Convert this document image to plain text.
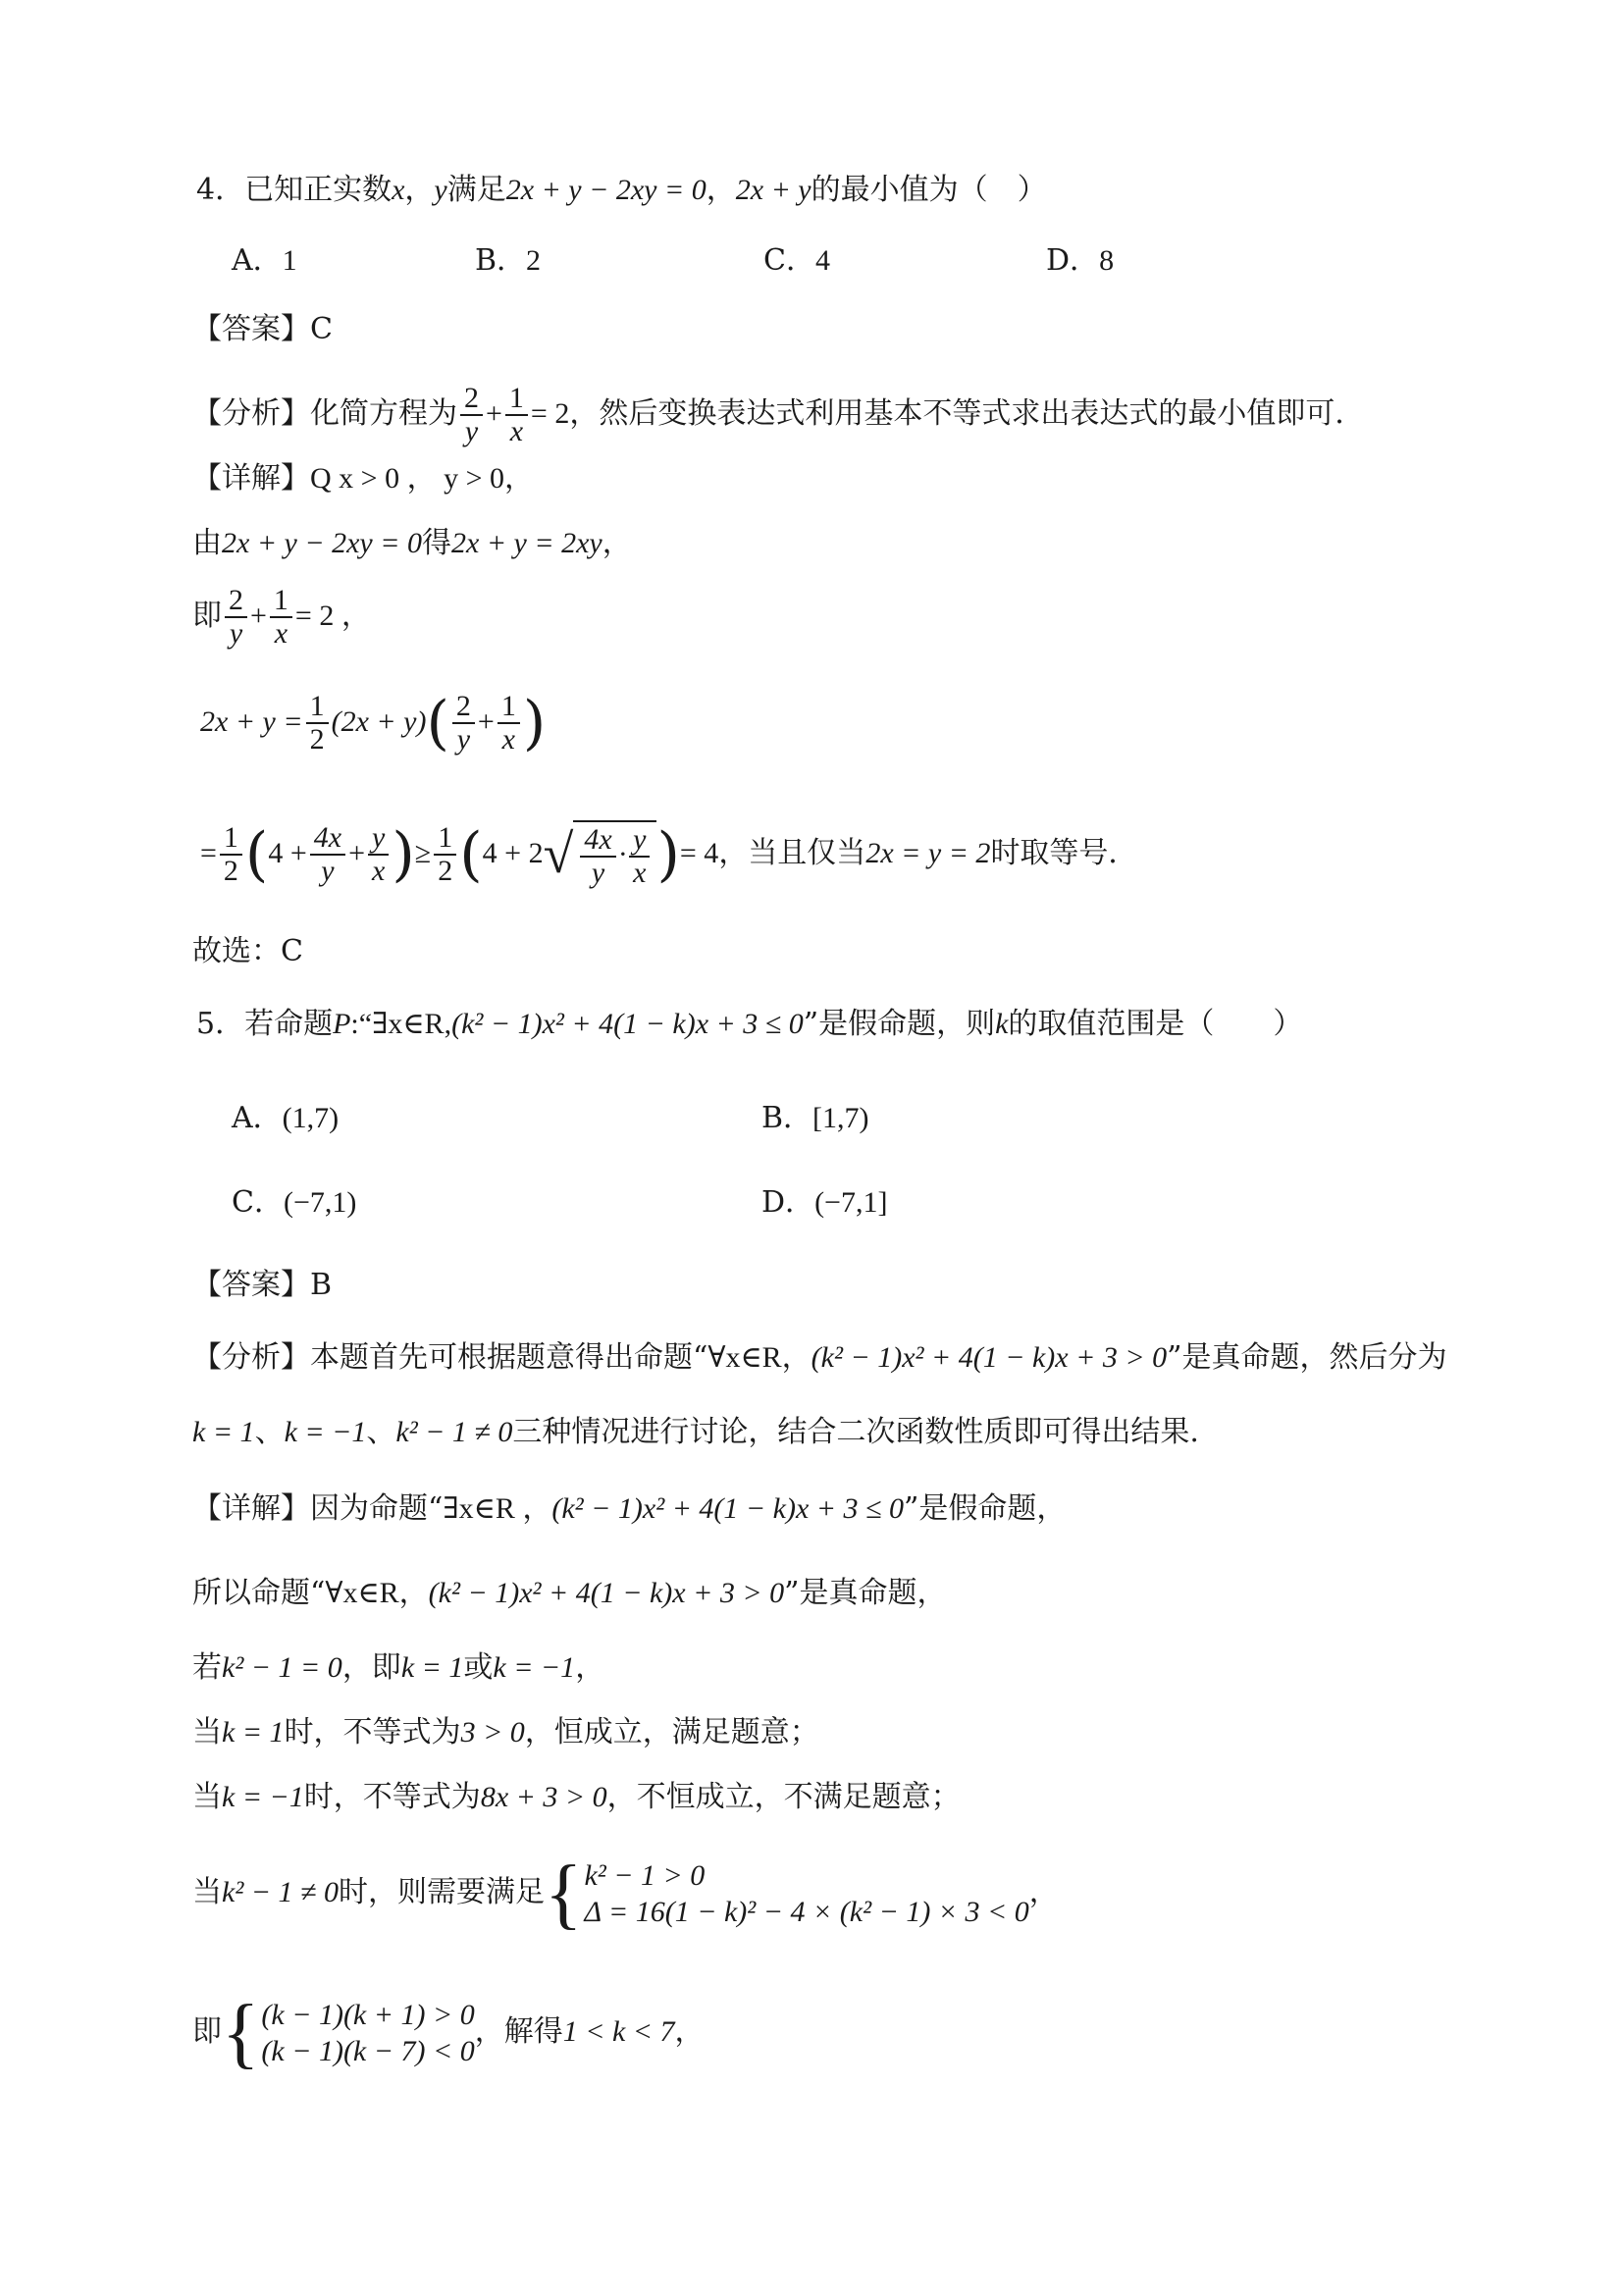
4．已知正实数x，y满足2x + y − 2xy = 0，2x + y的最小值为（　）
A．1	B．2	C．4	D．8
【答案】C
【分析】化简方程为 $\frac{2}{y} + \frac{1}{x} = 2$，然后变换表达式利用基本不等式求出表达式的最小值即可．
【详解】Q x > 0 ， y > 0，
由2x + y − 2xy = 0得2x + y = 2xy，
即 $\frac{2}{y} + \frac{1}{x} = 2$ ，
$2x + y = \frac{1}{2} (2x + y)( \frac{2}{y} + \frac{1}{x}$ )
= $\frac{1}{2} (4 + \frac{4x}{y} + \frac{y}{x}$ )≥ $\frac{1}{2} (4 + 2√ \frac{4x}{y} \cdot \frac{y}{x}$ )= 4，当且仅当2x = y = 2时取等号．
故选：C
5．若命题P:“∃x∈R,(k² − 1)x² + 4(1 − k)x + 3 ≤ 0”是假命题，则k的取值范围是（　　）
A．(1,7)	B．[1,7)
C．(−7,1)	D．(−7,1]
【答案】B
【分析】本题首先可根据题意得出命题“∀x∈R，(k² − 1)x² + 4(1 − k)x + 3 > 0”是真命题，然后分为
k = 1、k = −1、k² − 1 ≠ 0三种情况进行讨论，结合二次函数性质即可得出结果.
【详解】因为命题“∃x∈R ，(k² − 1)x² + 4(1 − k)x + 3 ≤ 0”是假命题，
所以命题“∀x∈R，(k² − 1)x² + 4(1 − k)x + 3 > 0”是真命题，
若k² − 1 = 0，即k = 1或k = −1，
当k = 1时，不等式为3 > 0，恒成立，满足题意；
当k = −1时，不等式为8x + 3 > 0，不恒成立，不满足题意；
当k² − 1 ≠ 0时，则需要满足 { k² − 1 > 0
Δ = 16(1 − k)² − 4 × (k² − 1) × 3 < 0
，
即 { (k − 1)(k + 1) > 0
(k − 1)(k − 7) < 0
，解得1 < k < 7，
